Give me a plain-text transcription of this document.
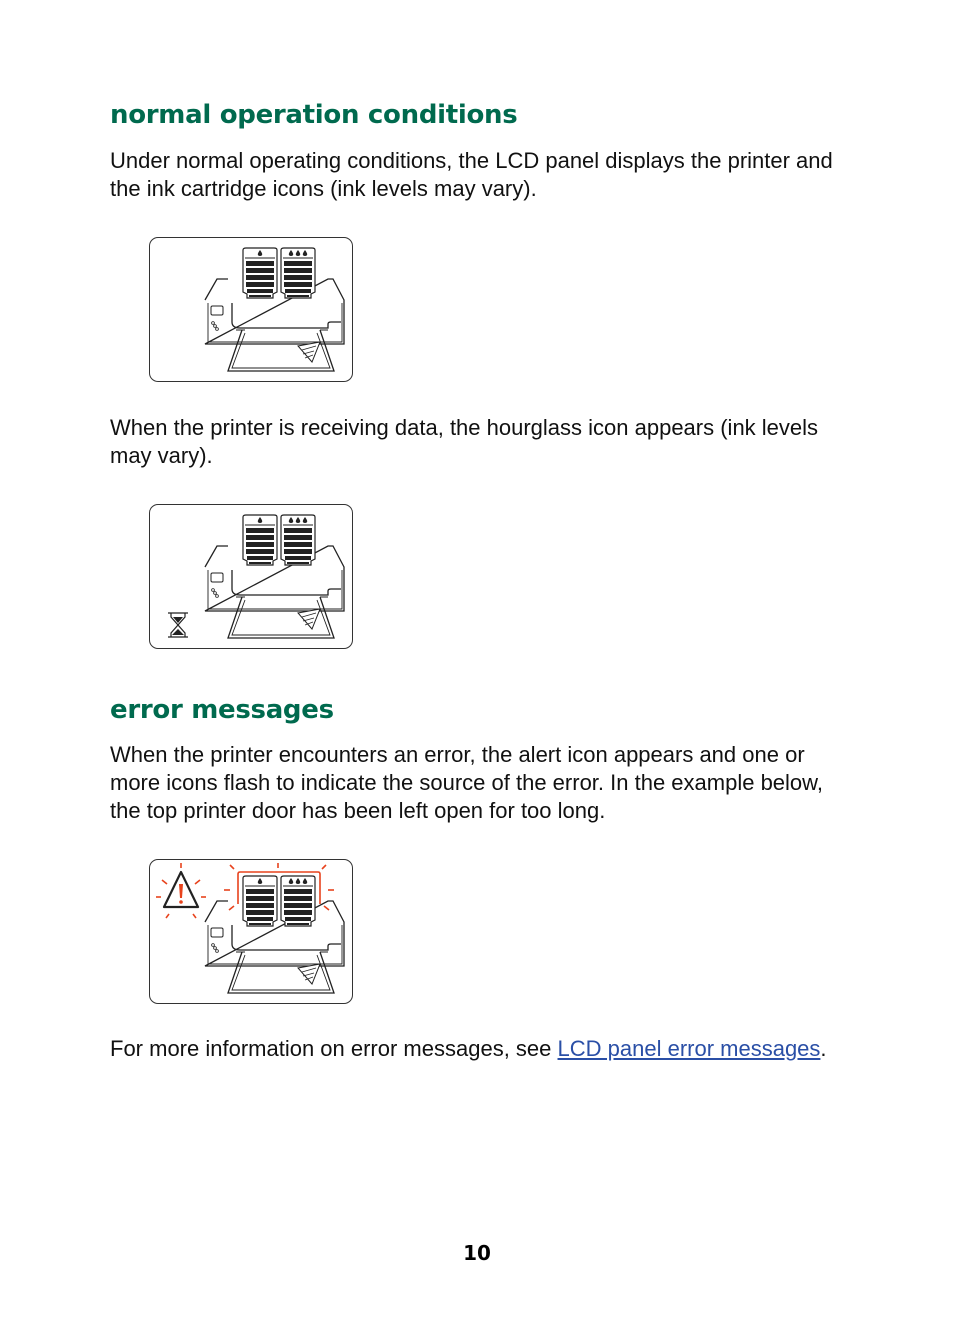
normal operation conditions

Under normal operating conditions, the LCD panel displays the printer and the ink cartridge icons (ink levels may vary).

When the printer is receiving data, the hourglass icon appears (ink levels may vary).

error messages

When the printer encounters an error, the alert icon appears and one or more icons flash to indicate the source of the error. In the example below, the top printer door has been left open for too long.

For more information on error messages, see LCD panel error messages.

10
